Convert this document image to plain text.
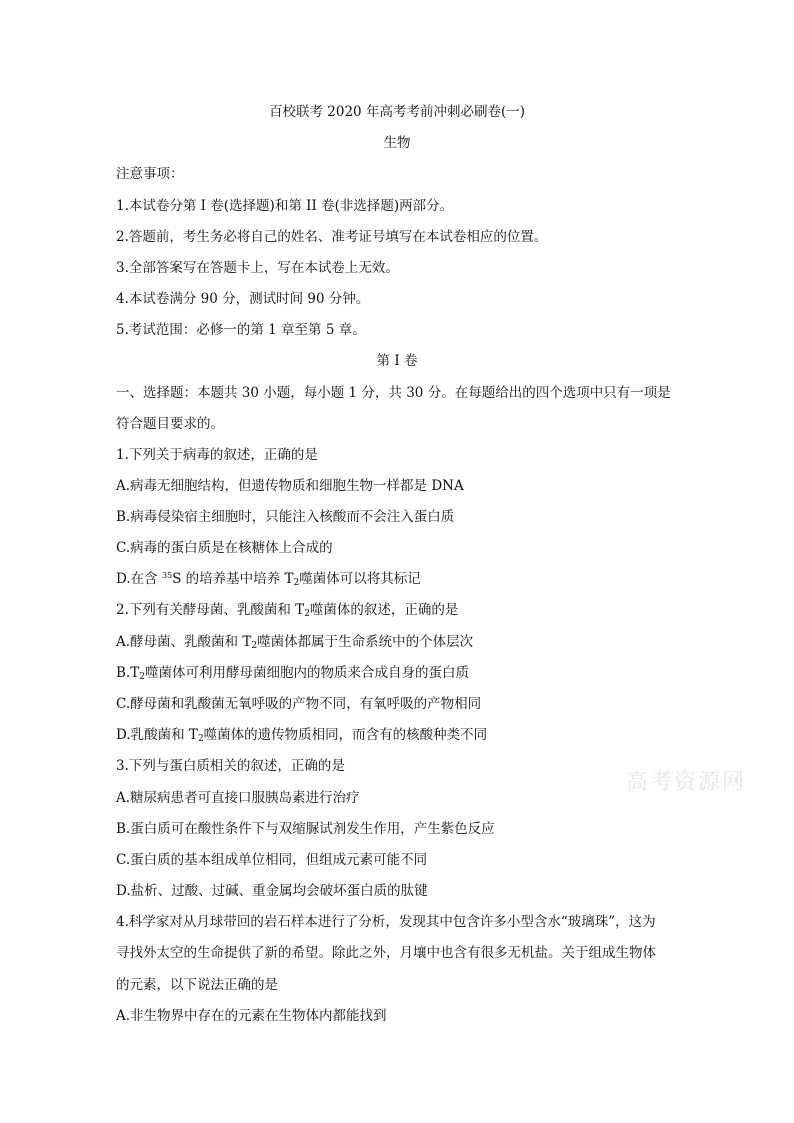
百校联考 2020 年高考考前冲刺必刷卷(一)
生物
注意事项：
1.本试卷分第 I 卷(选择题)和第 II 卷(非选择题)两部分。
2.答题前，考生务必将自己的姓名、准考证号填写在本试卷相应的位置。
3.全部答案写在答题卡上，写在本试卷上无效。
4.本试卷满分 90 分，测试时间 90 分钟。
5.考试范围：必修一的第 1 章至第 5 章。
第 I 卷
一、选择题：本题共 30 小题，每小题 1 分，共 30 分。在每题给出的四个选项中只有一项是
符合题目要求的。
1.下列关于病毒的叙述，正确的是
A.病毒无细胞结构，但遗传物质和细胞生物一样都是 DNA
B.病毒侵染宿主细胞时，只能注入核酸而不会注入蛋白质
C.病毒的蛋白质是在核糖体上合成的
D.在含 $^{35}$S 的培养基中培养 $T_2$噬菌体可以将其标记
2.下列有关酵母菌、乳酸菌和 $T_2$噬菌体的叙述，正确的是
A.酵母菌、乳酸菌和 $T_2$噬菌体都属于生命系统中的个体层次
$B.T_2$噬菌体可利用酵母菌细胞内的物质来合成自身的蛋白质
C.酵母菌和乳酸菌无氧呼吸的产物不同，有氧呼吸的产物相同
D.乳酸菌和 $T_2$噬菌体的遗传物质相同，而含有的核酸种类不同
3.下列与蛋白质相关的叙述，正确的是
A.糖尿病患者可直接口服胰岛素进行治疗
B.蛋白质可在酸性条件下与双缩脲试剂发生作用，产生紫色反应
C.蛋白质的基本组成单位相同，但组成元素可能不同
D.盐析、过酸、过碱、重金属均会破坏蛋白质的肽键
4.科学家对从月球带回的岩石样本进行了分析，发现其中包含许多小型含水“玻璃珠”，这为
寻找外太空的生命提供了新的希望。除此之外，月壤中也含有很多无机盐。关于组成生物体
的元素，以下说法正确的是
A.非生物界中存在的元素在生物体内都能找到
高考资源网
